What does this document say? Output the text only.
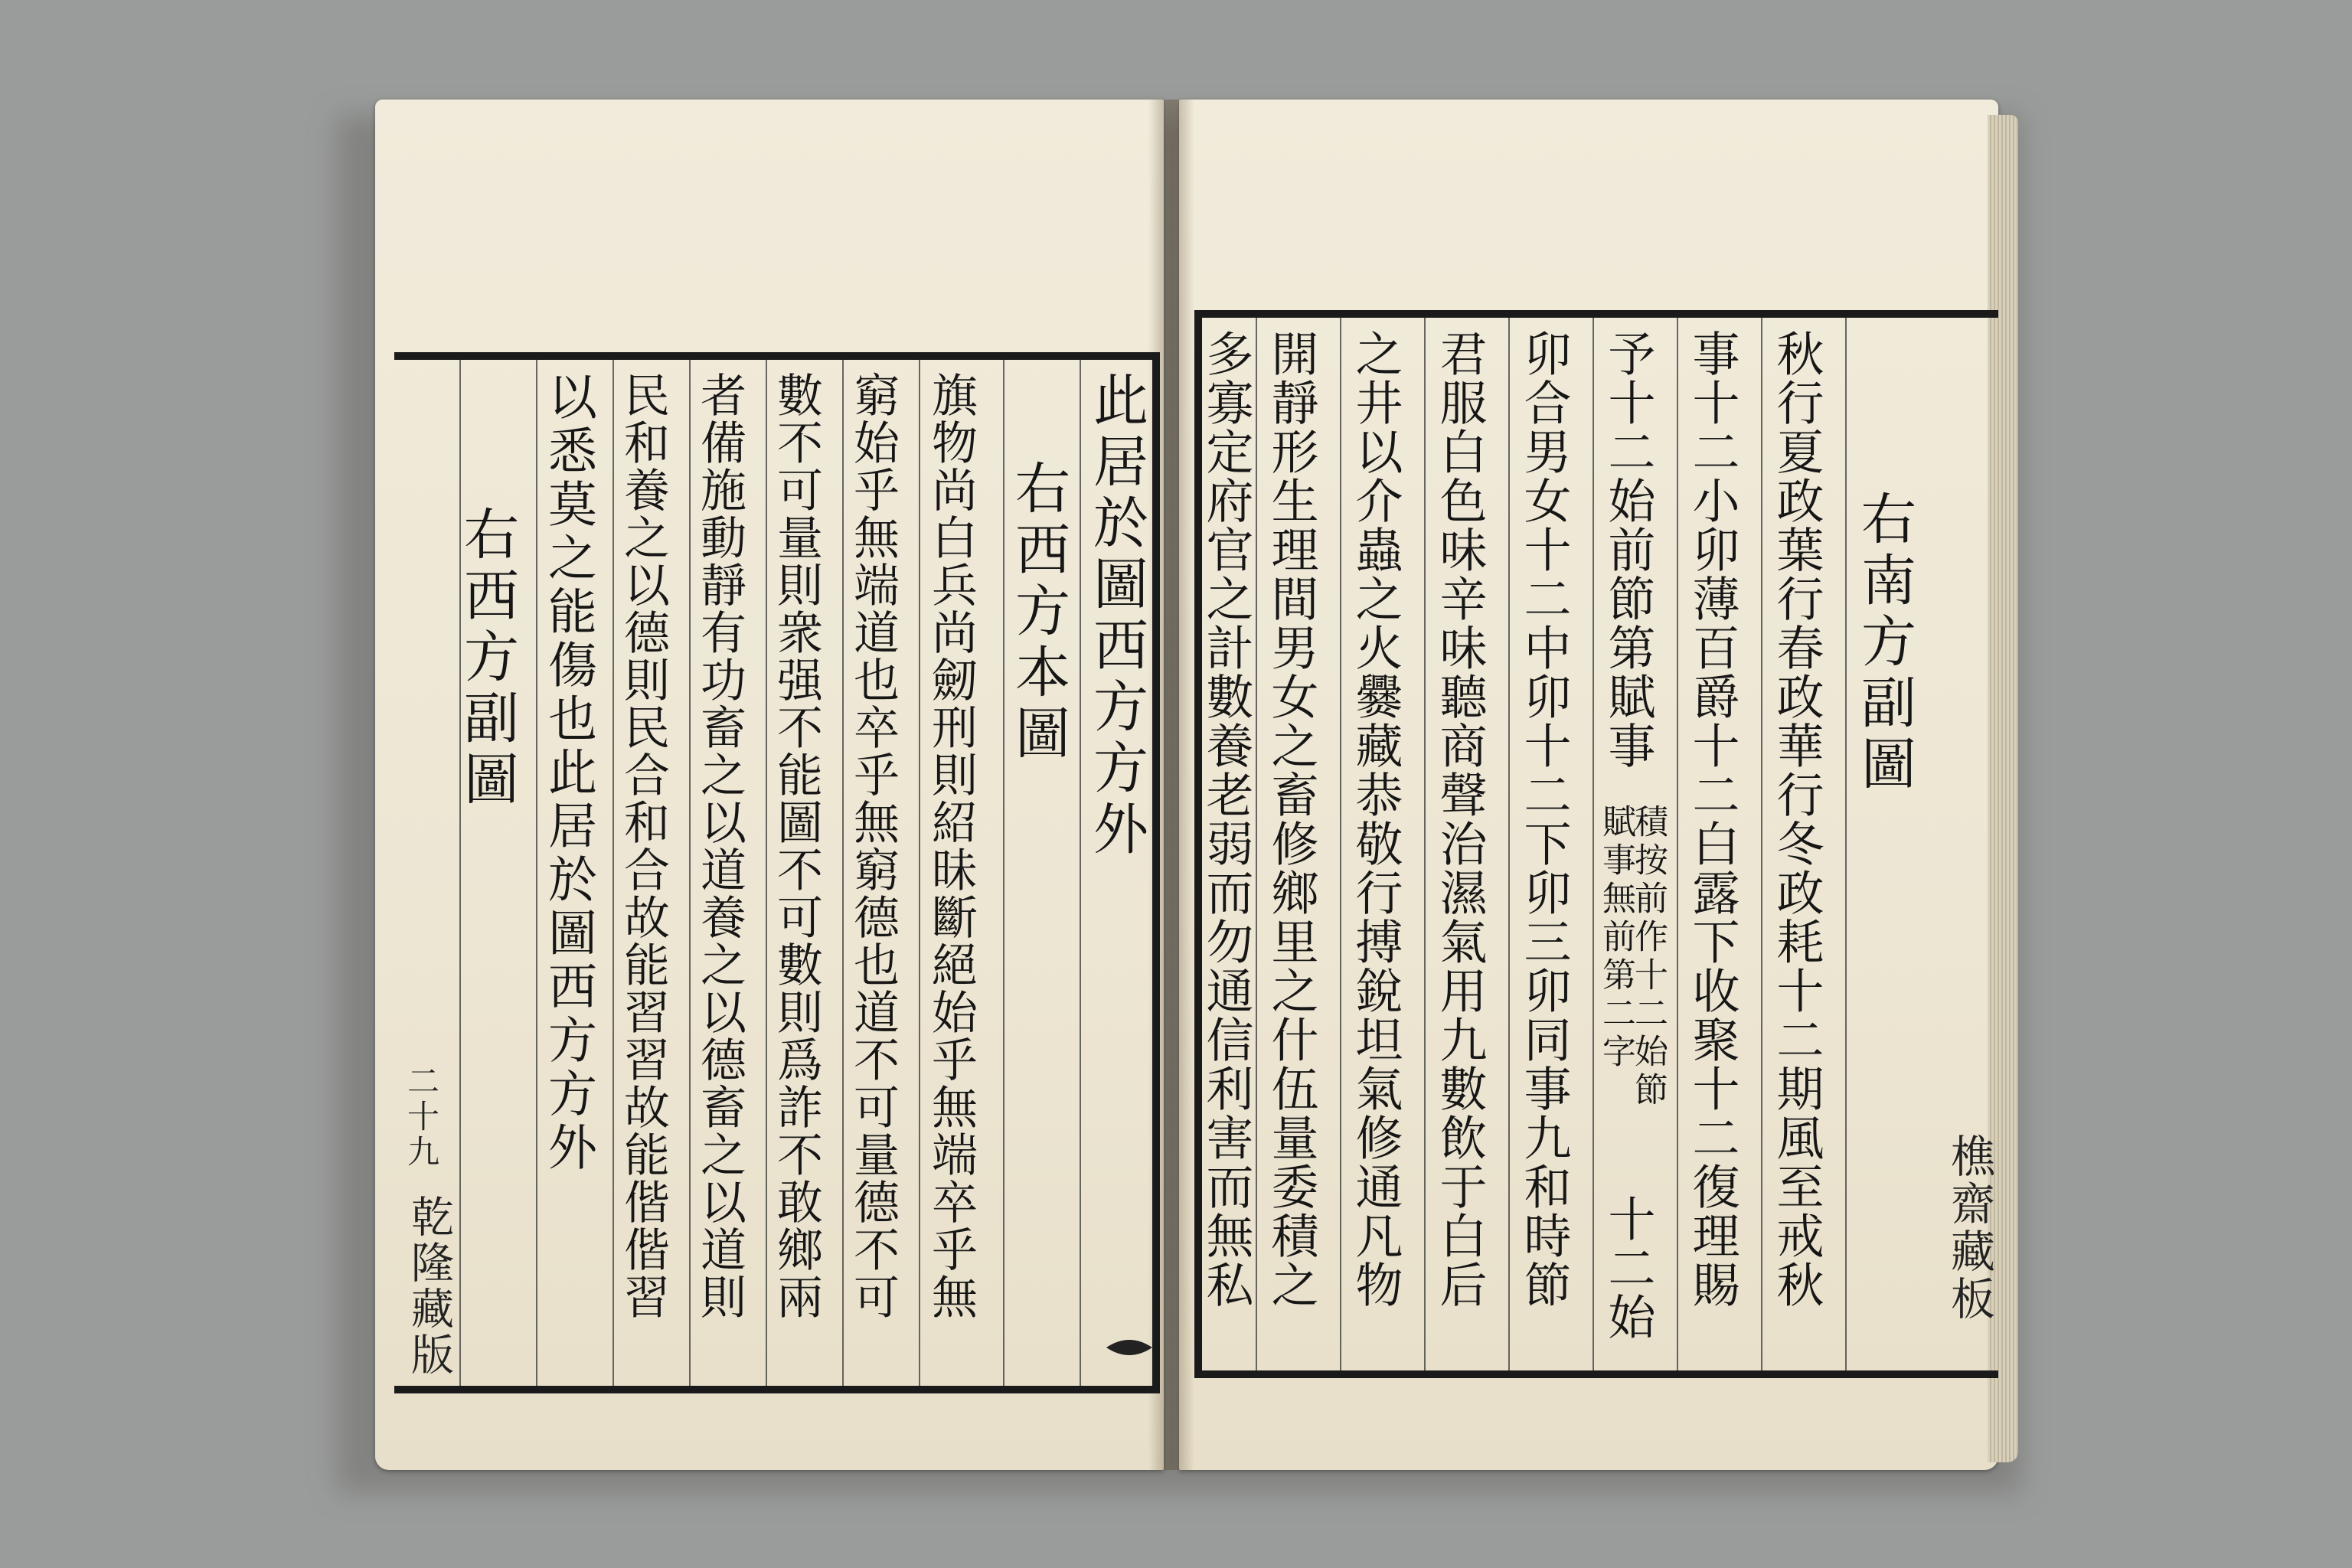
此居於圖西方方外
右西方本圖
旗物尚白兵尚劒刑則紹昧斷絕始乎無端卒乎無
窮始乎無端道也卒乎無窮德也道不可量德不可
數不可量則衆强不能圖不可數則爲詐不敢鄉兩
者備施動靜有功畜之以道養之以德畜之以道則
民和養之以德則民合和合故能習習故能偕偕習
以悉莫之能傷也此居於圖西方方外
右西方副圖
二十九
乾隆藏版
右南方副圖
秋行夏政葉行春政華行冬政耗十二期風至戒秋
事十二小卯薄百爵十二白露下收聚十二復理賜
予十二始前節第賦事
積按前作十二始節
賦事無前第二字
十二始
卯合男女十二中卯十二下卯三卯同事九和時節
君服白色味辛味聽商聲治濕氣用九數飲于白后
之井以介蟲之火爨藏恭敬行搏銳坦氣修通凡物
開靜形生理間男女之畜修鄉里之什伍量委積之
多寡定府官之計數養老弱而勿通信利害而無私	樵齋藏板
